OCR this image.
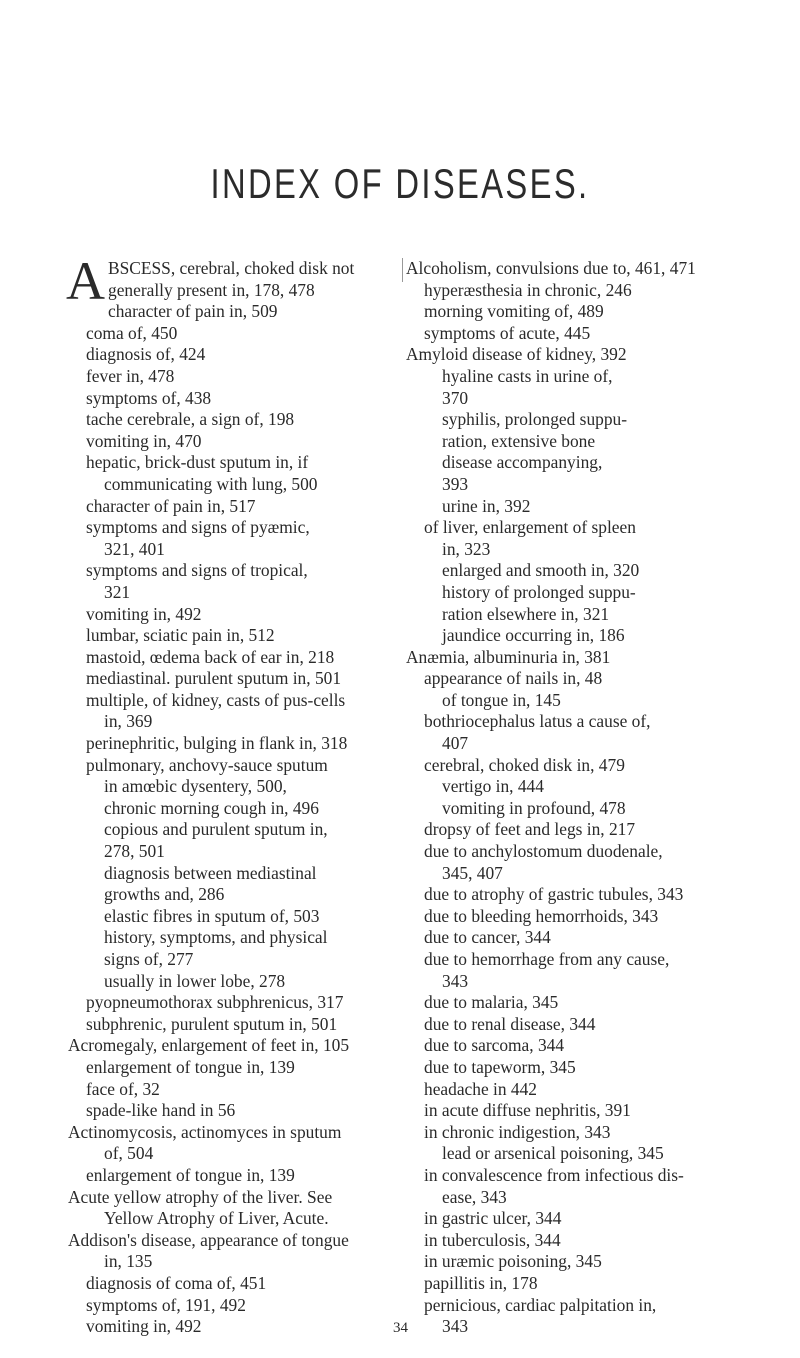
INDEX OF DISEASES.
ABSCESS, cerebral, choked disk not
generally present in, 178, 478
character of pain in, 509
coma of, 450
diagnosis of, 424
fever in, 478
symptoms of, 438
tache cerebrale, a sign of, 198
vomiting in, 470
hepatic, brick-dust sputum in, if
communicating with lung, 500
character of pain in, 517
symptoms and signs of pyæmic,
321, 401
symptoms and signs of tropical,
321
vomiting in, 492
lumbar, sciatic pain in, 512
mastoid, œdema back of ear in, 218
mediastinal. purulent sputum in, 501
multiple, of kidney, casts of pus-cells
in, 369
perinephritic, bulging in flank in, 318
pulmonary, anchovy-sauce sputum
in amœbic dysentery, 500,
chronic morning cough in, 496
copious and purulent sputum in,
278, 501
diagnosis between mediastinal
growths and, 286
elastic fibres in sputum of, 503
history, symptoms, and physical
signs of, 277
usually in lower lobe, 278
pyopneumothorax subphrenicus, 317
subphrenic, purulent sputum in, 501
Acromegaly, enlargement of feet in, 105
enlargement of tongue in, 139
face of, 32
spade-like hand in 56
Actinomycosis, actinomyces in sputum
of, 504
enlargement of tongue in, 139
Acute yellow atrophy of the liver. See
Yellow Atrophy of Liver, Acute.
Addison's disease, appearance of tongue
in, 135
diagnosis of coma of, 451
symptoms of, 191, 492
vomiting in, 492
Alcoholism, convulsions due to, 461, 471
hyperæsthesia in chronic, 246
morning vomiting of, 489
symptoms of acute, 445
Amyloid disease of kidney, 392
hyaline casts in urine of,
370
syphilis, prolonged suppu-
ration, extensive bone
disease accompanying,
393
urine in, 392
of liver, enlargement of spleen
in, 323
enlarged and smooth in, 320
history of prolonged suppu-
ration elsewhere in, 321
jaundice occurring in, 186
Anæmia, albuminuria in, 381
appearance of nails in, 48
of tongue in, 145
bothriocephalus latus a cause of,
407
cerebral, choked disk in, 479
vertigo in, 444
vomiting in profound, 478
dropsy of feet and legs in, 217
due to anchylostomum duodenale,
345, 407
due to atrophy of gastric tubules, 343
due to bleeding hemorrhoids, 343
due to cancer, 344
due to hemorrhage from any cause,
343
due to malaria, 345
due to renal disease, 344
due to sarcoma, 344
due to tapeworm, 345
headache in 442
in acute diffuse nephritis, 391
in chronic indigestion, 343
lead or arsenical poisoning, 345
in convalescence from infectious dis-
ease, 343
in gastric ulcer, 344
in tuberculosis, 344
in uræmic poisoning, 345
papillitis in, 178
pernicious, cardiac palpitation in,
343
34
